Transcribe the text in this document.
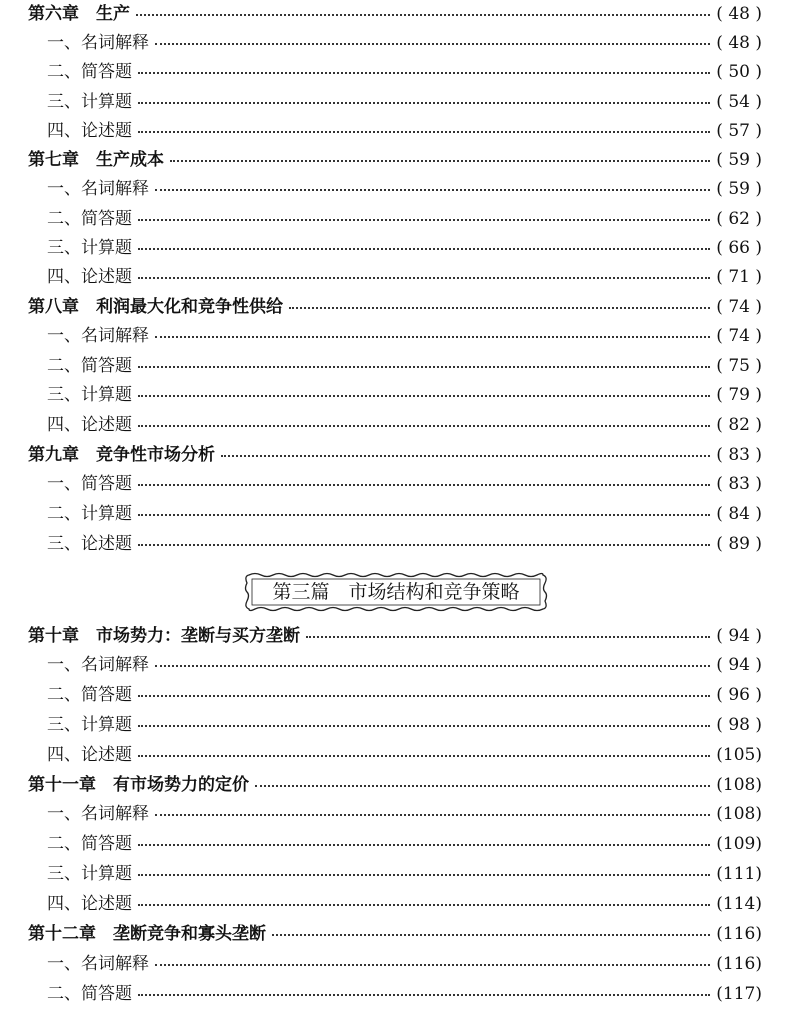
第六章　生产	( 48 )
一、名词解释	( 48 )
二、简答题	( 50 )
三、计算题	( 54 )
四、论述题	( 57 )
第七章　生产成本	( 59 )
一、名词解释	( 59 )
二、简答题	( 62 )
三、计算题	( 66 )
四、论述题	( 71 )
第八章　利润最大化和竞争性供给	( 74 )
一、名词解释	( 74 )
二、简答题	( 75 )
三、计算题	( 79 )
四、论述题	( 82 )
第九章　竞争性市场分析	( 83 )
一、简答题	( 83 )
二、计算题	( 84 )
三、论述题	( 89 )
第三篇　市场结构和竞争策略
第十章　市场势力：垄断与买方垄断	( 94 )
一、名词解释	( 94 )
二、简答题	( 96 )
三、计算题	( 98 )
四、论述题	(105)
第十一章　有市场势力的定价	(108)
一、名词解释	(108)
二、简答题	(109)
三、计算题	(111)
四、论述题	(114)
第十二章　垄断竞争和寡头垄断	(116)
一、名词解释	(116)
二、简答题	(117)
